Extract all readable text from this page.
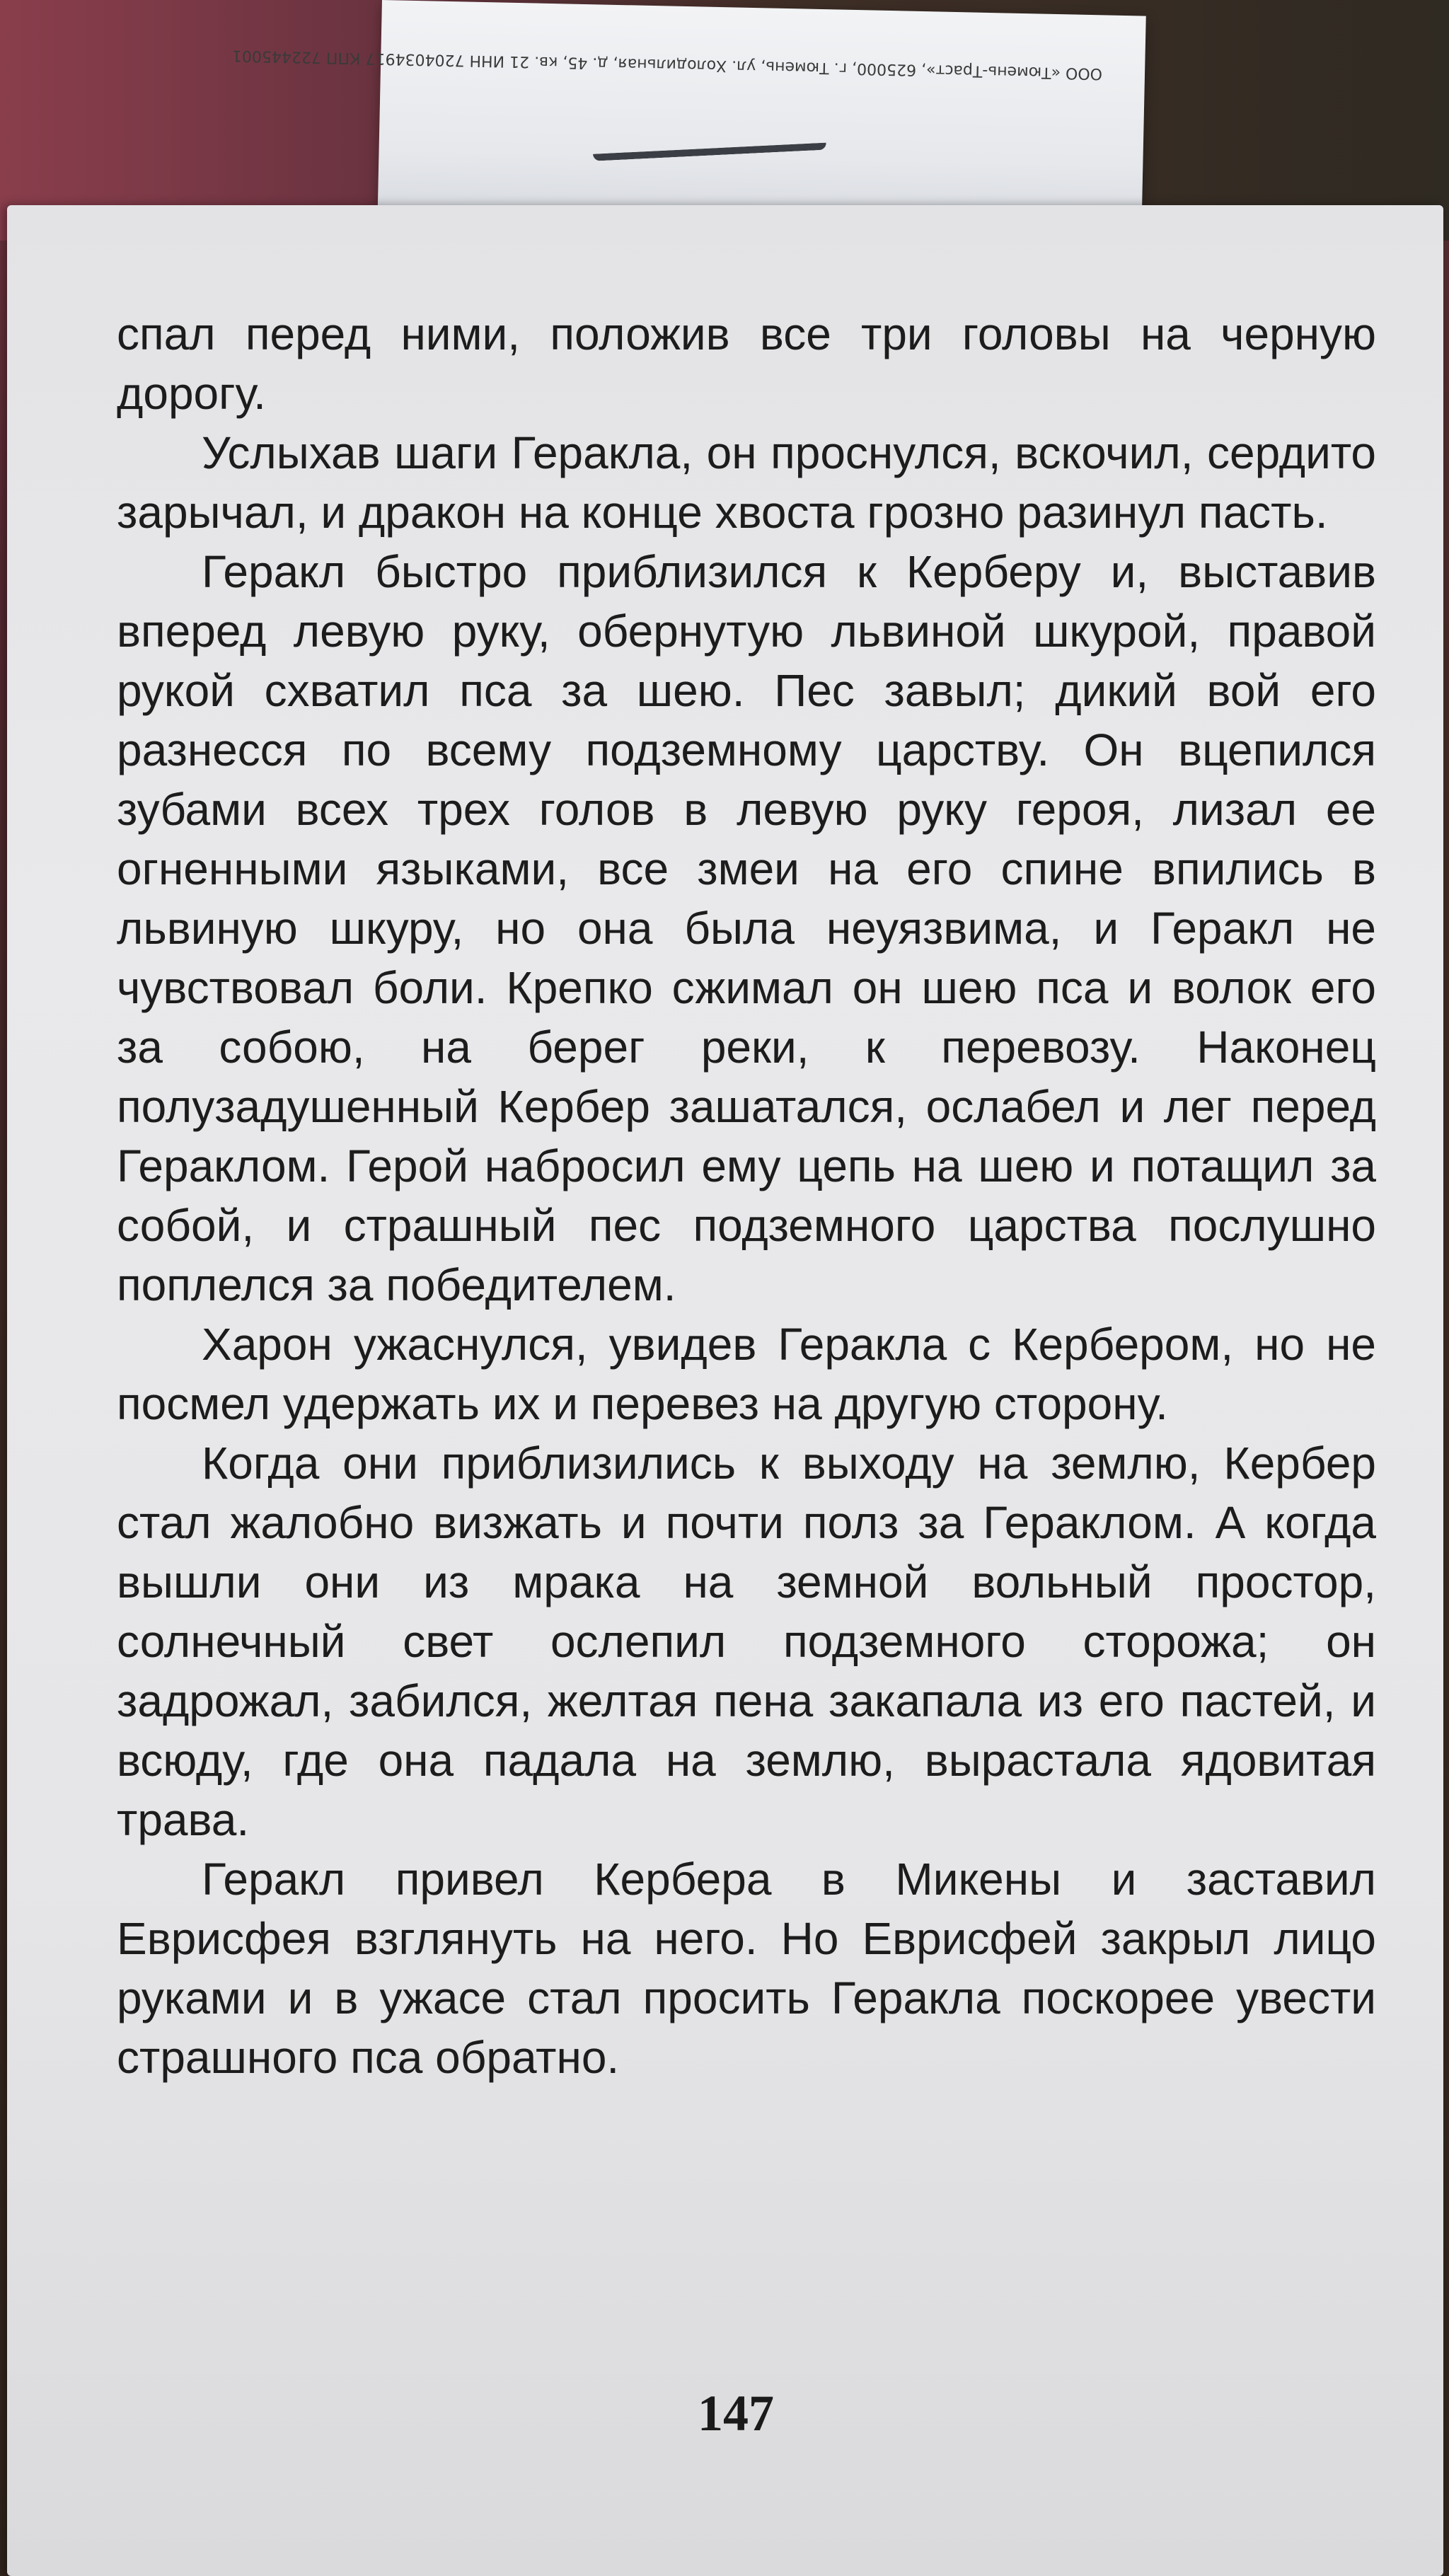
ООО «Тюмень-Траст», 625000, г. Тюмень, ул. Холодильная, д. 45, кв. 21 ИНН 7204034917 КПП 722445001

спал перед ними, положив все три головы на черную дорогу.

Услыхав шаги Геракла, он проснулся, вскочил, сердито зарычал, и дракон на конце хвоста грозно разинул пасть.

Геракл быстро приблизился к Керберу и, выставив вперед левую руку, обернутую львиной шкурой, правой рукой схватил пса за шею. Пес завыл; дикий вой его разнесся по всему подземному царству. Он вцепился зубами всех трех голов в левую руку героя, лизал ее огненными языками, все змеи на его спине впились в львиную шкуру, но она была неуязвима, и Геракл не чувствовал боли. Крепко сжимал он шею пса и волок его за собою, на берег реки, к перевозу. Наконец полузадушенный Кербер зашатался, ослабел и лег перед Гераклом. Герой набросил ему цепь на шею и потащил за собой, и страшный пес подземного царства послушно поплелся за победителем.

Харон ужаснулся, увидев Геракла с Кербером, но не посмел удержать их и перевез на другую сторону.

Когда они приблизились к выходу на землю, Кербер стал жалобно визжать и почти полз за Гераклом. А когда вышли они из мрака на земной вольный простор, солнечный свет ослепил подземного сторожа; он задрожал, забился, желтая пена закапала из его пастей, и всюду, где она падала на землю, вырастала ядовитая трава.

Геракл привел Кербера в Микены и заставил Еврисфея взглянуть на него. Но Еврисфей закрыл лицо руками и в ужасе стал просить Геракла поскорее увести страшного пса обратно.

147
